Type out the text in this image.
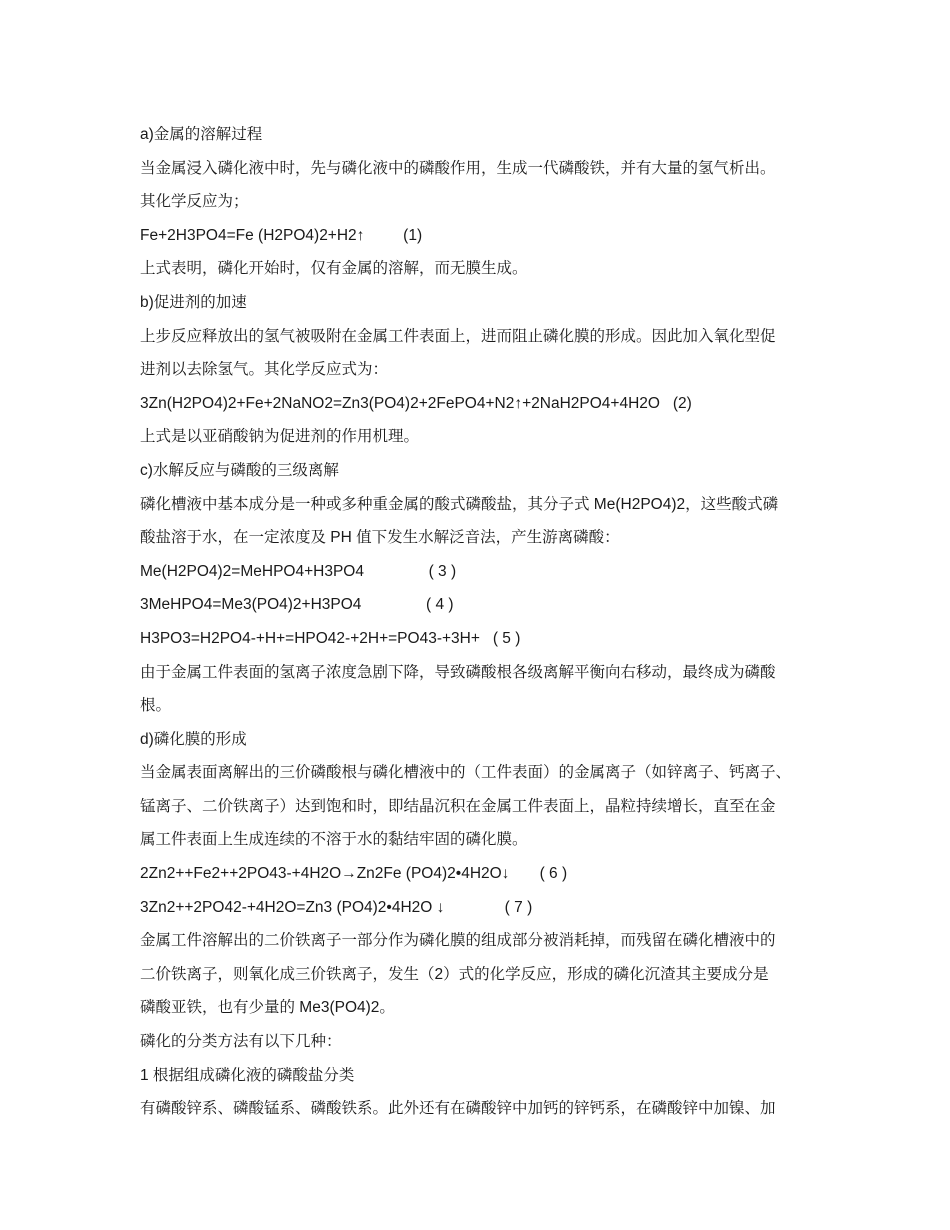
a)金属的溶解过程
当金属浸入磷化液中时，先与磷化液中的磷酸作用，生成一代磷酸铁，并有大量的氢气析出。
其化学反应为；
Fe+2H3PO4=Fe (H2PO4)2+H2↑         (1)
上式表明，磷化开始时，仅有金属的溶解，而无膜生成。
b)促进剂的加速
上步反应释放出的氢气被吸附在金属工件表面上，进而阻止磷化膜的形成。因此加入氧化型促
进剂以去除氢气。其化学反应式为：
3Zn(H2PO4)2+Fe+2NaNO2=Zn3(PO4)2+2FePO4+N2↑+2NaH2PO4+4H2O   (2)
上式是以亚硝酸钠为促进剂的作用机理。
c)水解反应与磷酸的三级离解
磷化槽液中基本成分是一种或多种重金属的酸式磷酸盐，其分子式 Me(H2PO4)2，这些酸式磷
酸盐溶于水，在一定浓度及 PH 值下发生水解泛音法，产生游离磷酸：
Me(H2PO4)2=MeHPO4+H3PO4               ( 3 )
3MeHPO4=Me3(PO4)2+H3PO4               ( 4 )
H3PO3=H2PO4-+H+=HPO42-+2H+=PO43-+3H+   ( 5 )
由于金属工件表面的氢离子浓度急剧下降，导致磷酸根各级离解平衡向右移动，最终成为磷酸
根。
d)磷化膜的形成
当金属表面离解出的三价磷酸根与磷化槽液中的（工件表面）的金属离子（如锌离子、钙离子、
锰离子、二价铁离子）达到饱和时，即结晶沉积在金属工件表面上，晶粒持续增长，直至在金
属工件表面上生成连续的不溶于水的黏结牢固的磷化膜。
2Zn2++Fe2++2PO43-+4H2O→Zn2Fe (PO4)2•4H2O↓       ( 6 )
3Zn2++2PO42-+4H2O=Zn3 (PO4)2•4H2O ↓              ( 7 )
金属工件溶解出的二价铁离子一部分作为磷化膜的组成部分被消耗掉，而残留在磷化槽液中的
二价铁离子，则氧化成三价铁离子，发生（2）式的化学反应，形成的磷化沉渣其主要成分是
磷酸亚铁，也有少量的 Me3(PO4)2。
磷化的分类方法有以下几种：
1 根据组成磷化液的磷酸盐分类
有磷酸锌系、磷酸锰系、磷酸铁系。此外还有在磷酸锌中加钙的锌钙系，在磷酸锌中加镍、加
